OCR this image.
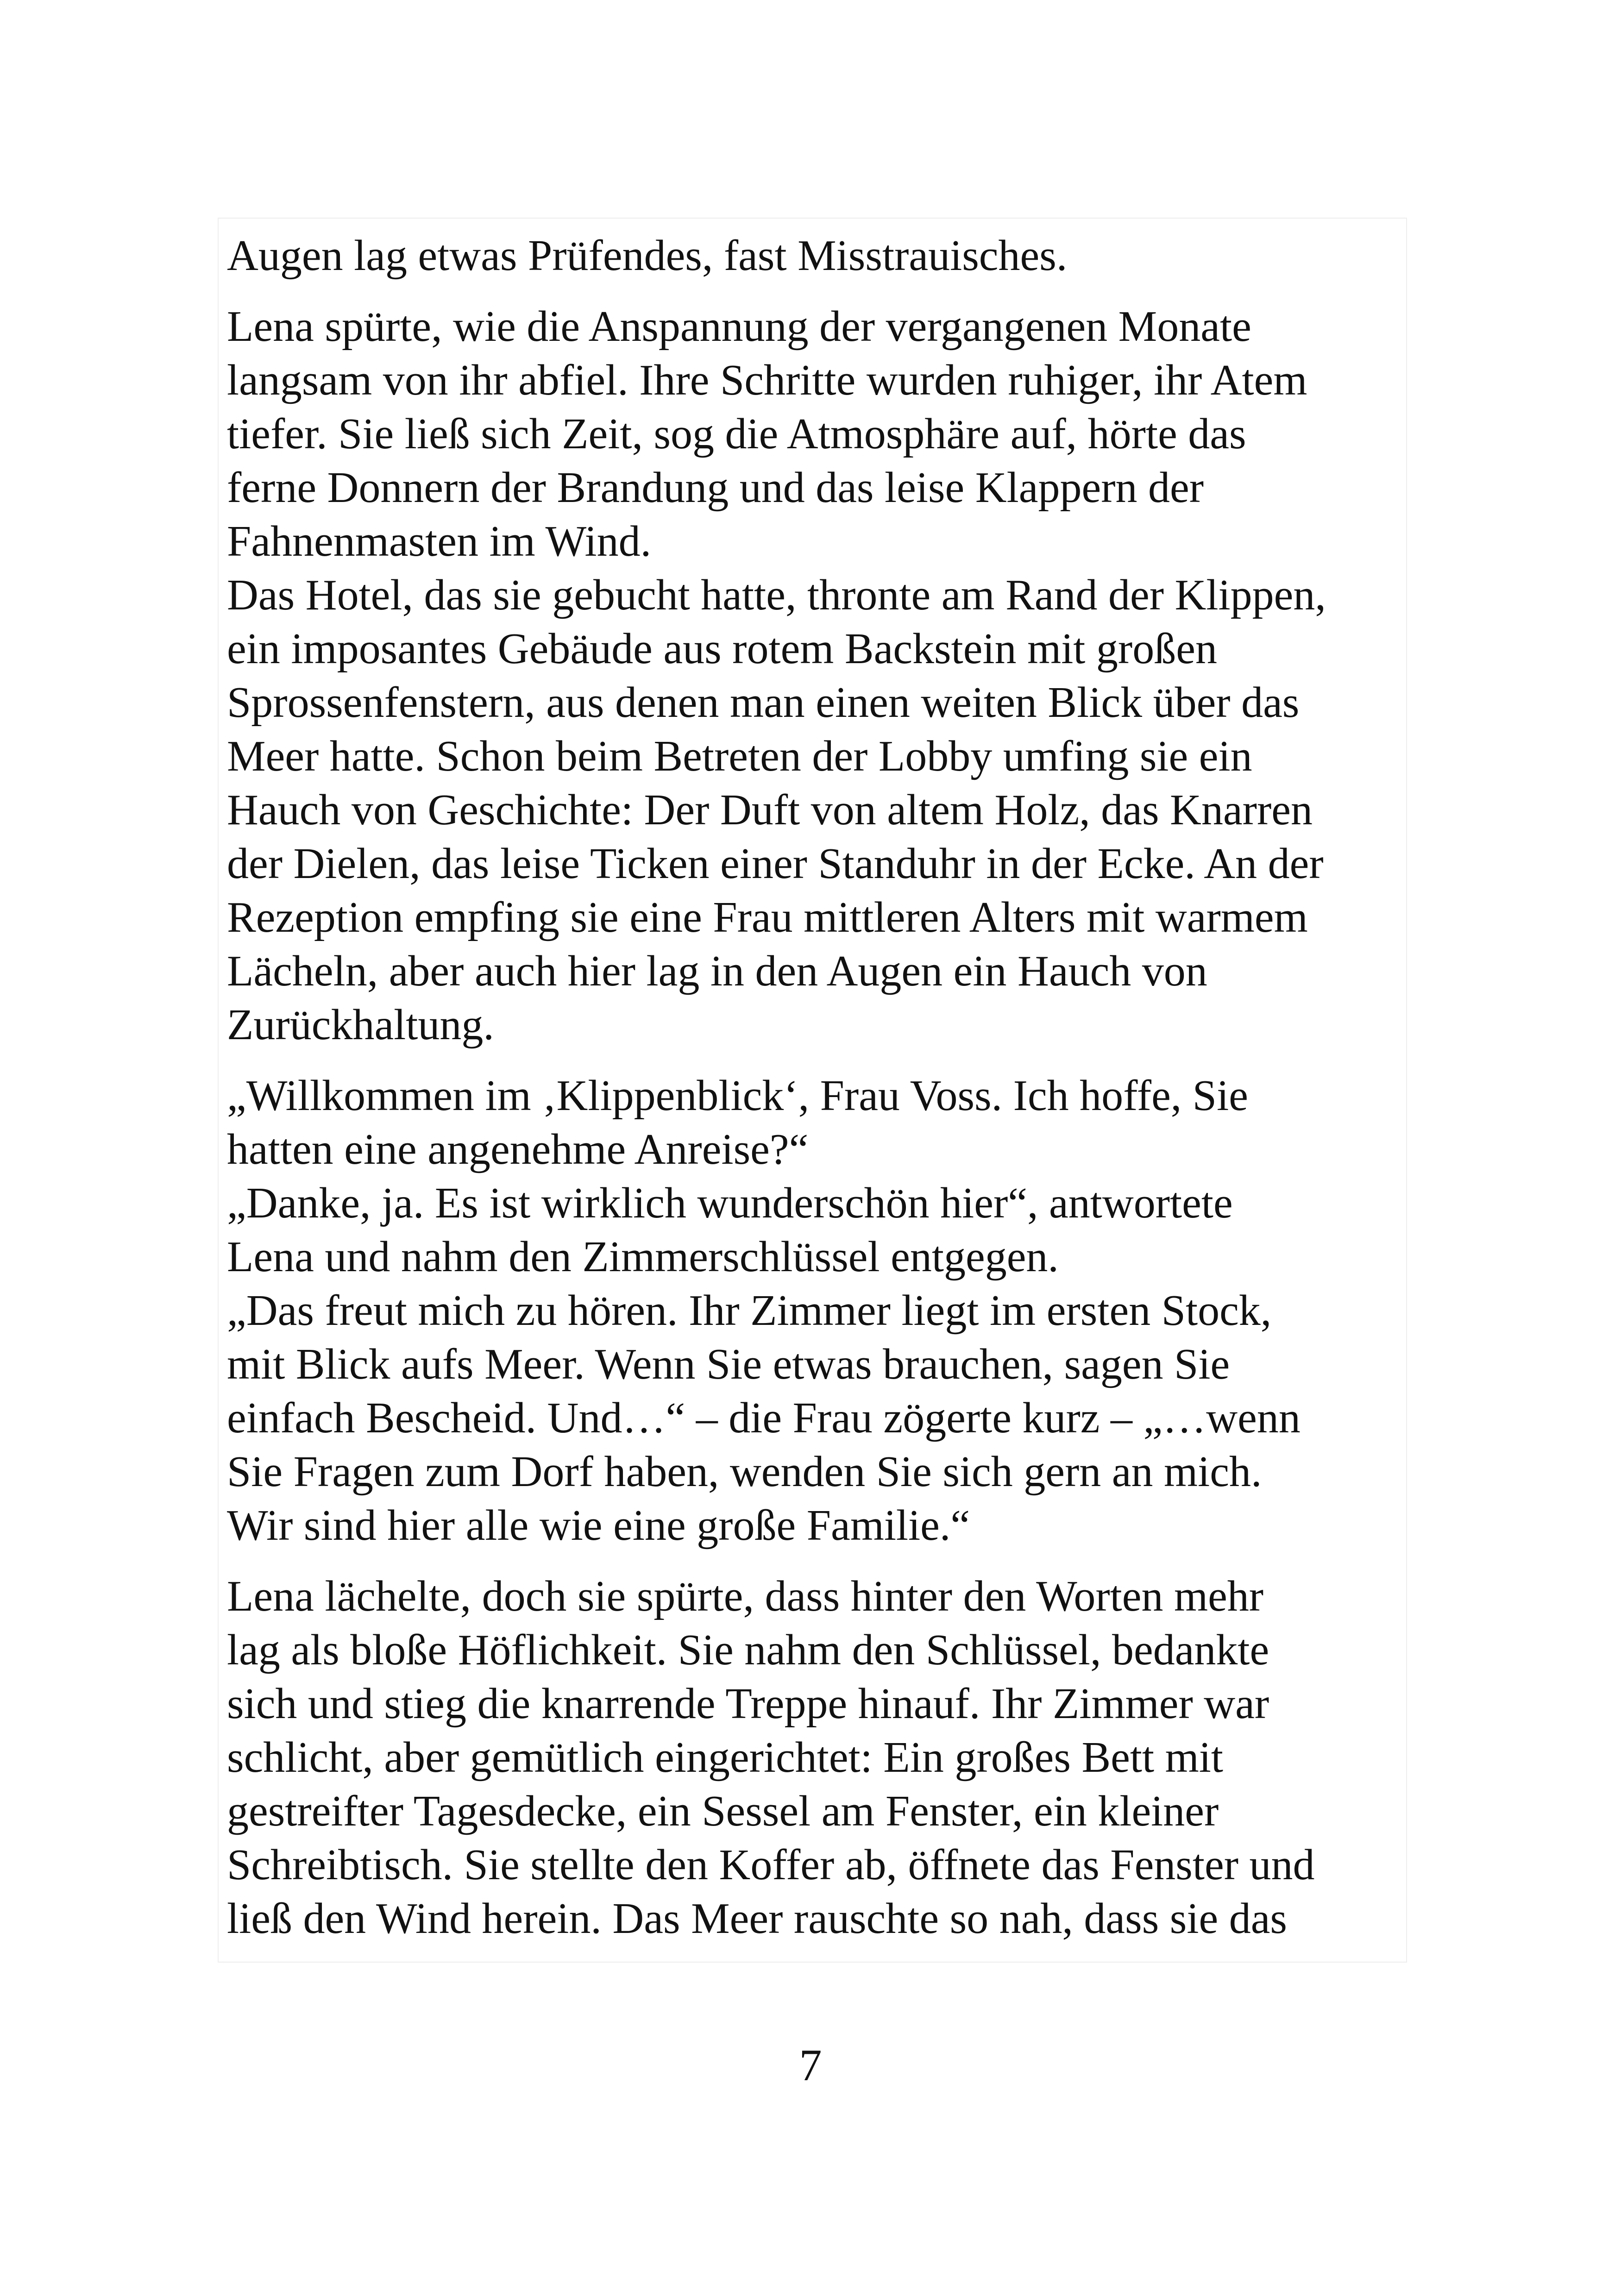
Augen lag etwas Prüfendes, fast Misstrauisches.

Lena spürte, wie die Anspannung der vergangenen Monate
langsam von ihr abfiel. Ihre Schritte wurden ruhiger, ihr Atem
tiefer. Sie ließ sich Zeit, sog die Atmosphäre auf, hörte das
ferne Donnern der Brandung und das leise Klappern der
Fahnenmasten im Wind.

Das Hotel, das sie gebucht hatte, thronte am Rand der Klippen,
ein imposantes Gebäude aus rotem Backstein mit großen
Sprossenfenstern, aus denen man einen weiten Blick über das
Meer hatte. Schon beim Betreten der Lobby umfing sie ein
Hauch von Geschichte: Der Duft von altem Holz, das Knarren
der Dielen, das leise Ticken einer Standuhr in der Ecke. An der
Rezeption empfing sie eine Frau mittleren Alters mit warmem
Lächeln, aber auch hier lag in den Augen ein Hauch von
Zurückhaltung.

„Willkommen im ‚Klippenblick‘, Frau Voss. Ich hoffe, Sie
hatten eine angenehme Anreise?“

„Danke, ja. Es ist wirklich wunderschön hier“, antwortete
Lena und nahm den Zimmerschlüssel entgegen.

„Das freut mich zu hören. Ihr Zimmer liegt im ersten Stock,
mit Blick aufs Meer. Wenn Sie etwas brauchen, sagen Sie
einfach Bescheid. Und…“ – die Frau zögerte kurz – „…wenn
Sie Fragen zum Dorf haben, wenden Sie sich gern an mich.
Wir sind hier alle wie eine große Familie.“

Lena lächelte, doch sie spürte, dass hinter den Worten mehr
lag als bloße Höflichkeit. Sie nahm den Schlüssel, bedankte
sich und stieg die knarrende Treppe hinauf. Ihr Zimmer war
schlicht, aber gemütlich eingerichtet: Ein großes Bett mit
gestreifter Tagesdecke, ein Sessel am Fenster, ein kleiner
Schreibtisch. Sie stellte den Koffer ab, öffnete das Fenster und
ließ den Wind herein. Das Meer rauschte so nah, dass sie das

7
